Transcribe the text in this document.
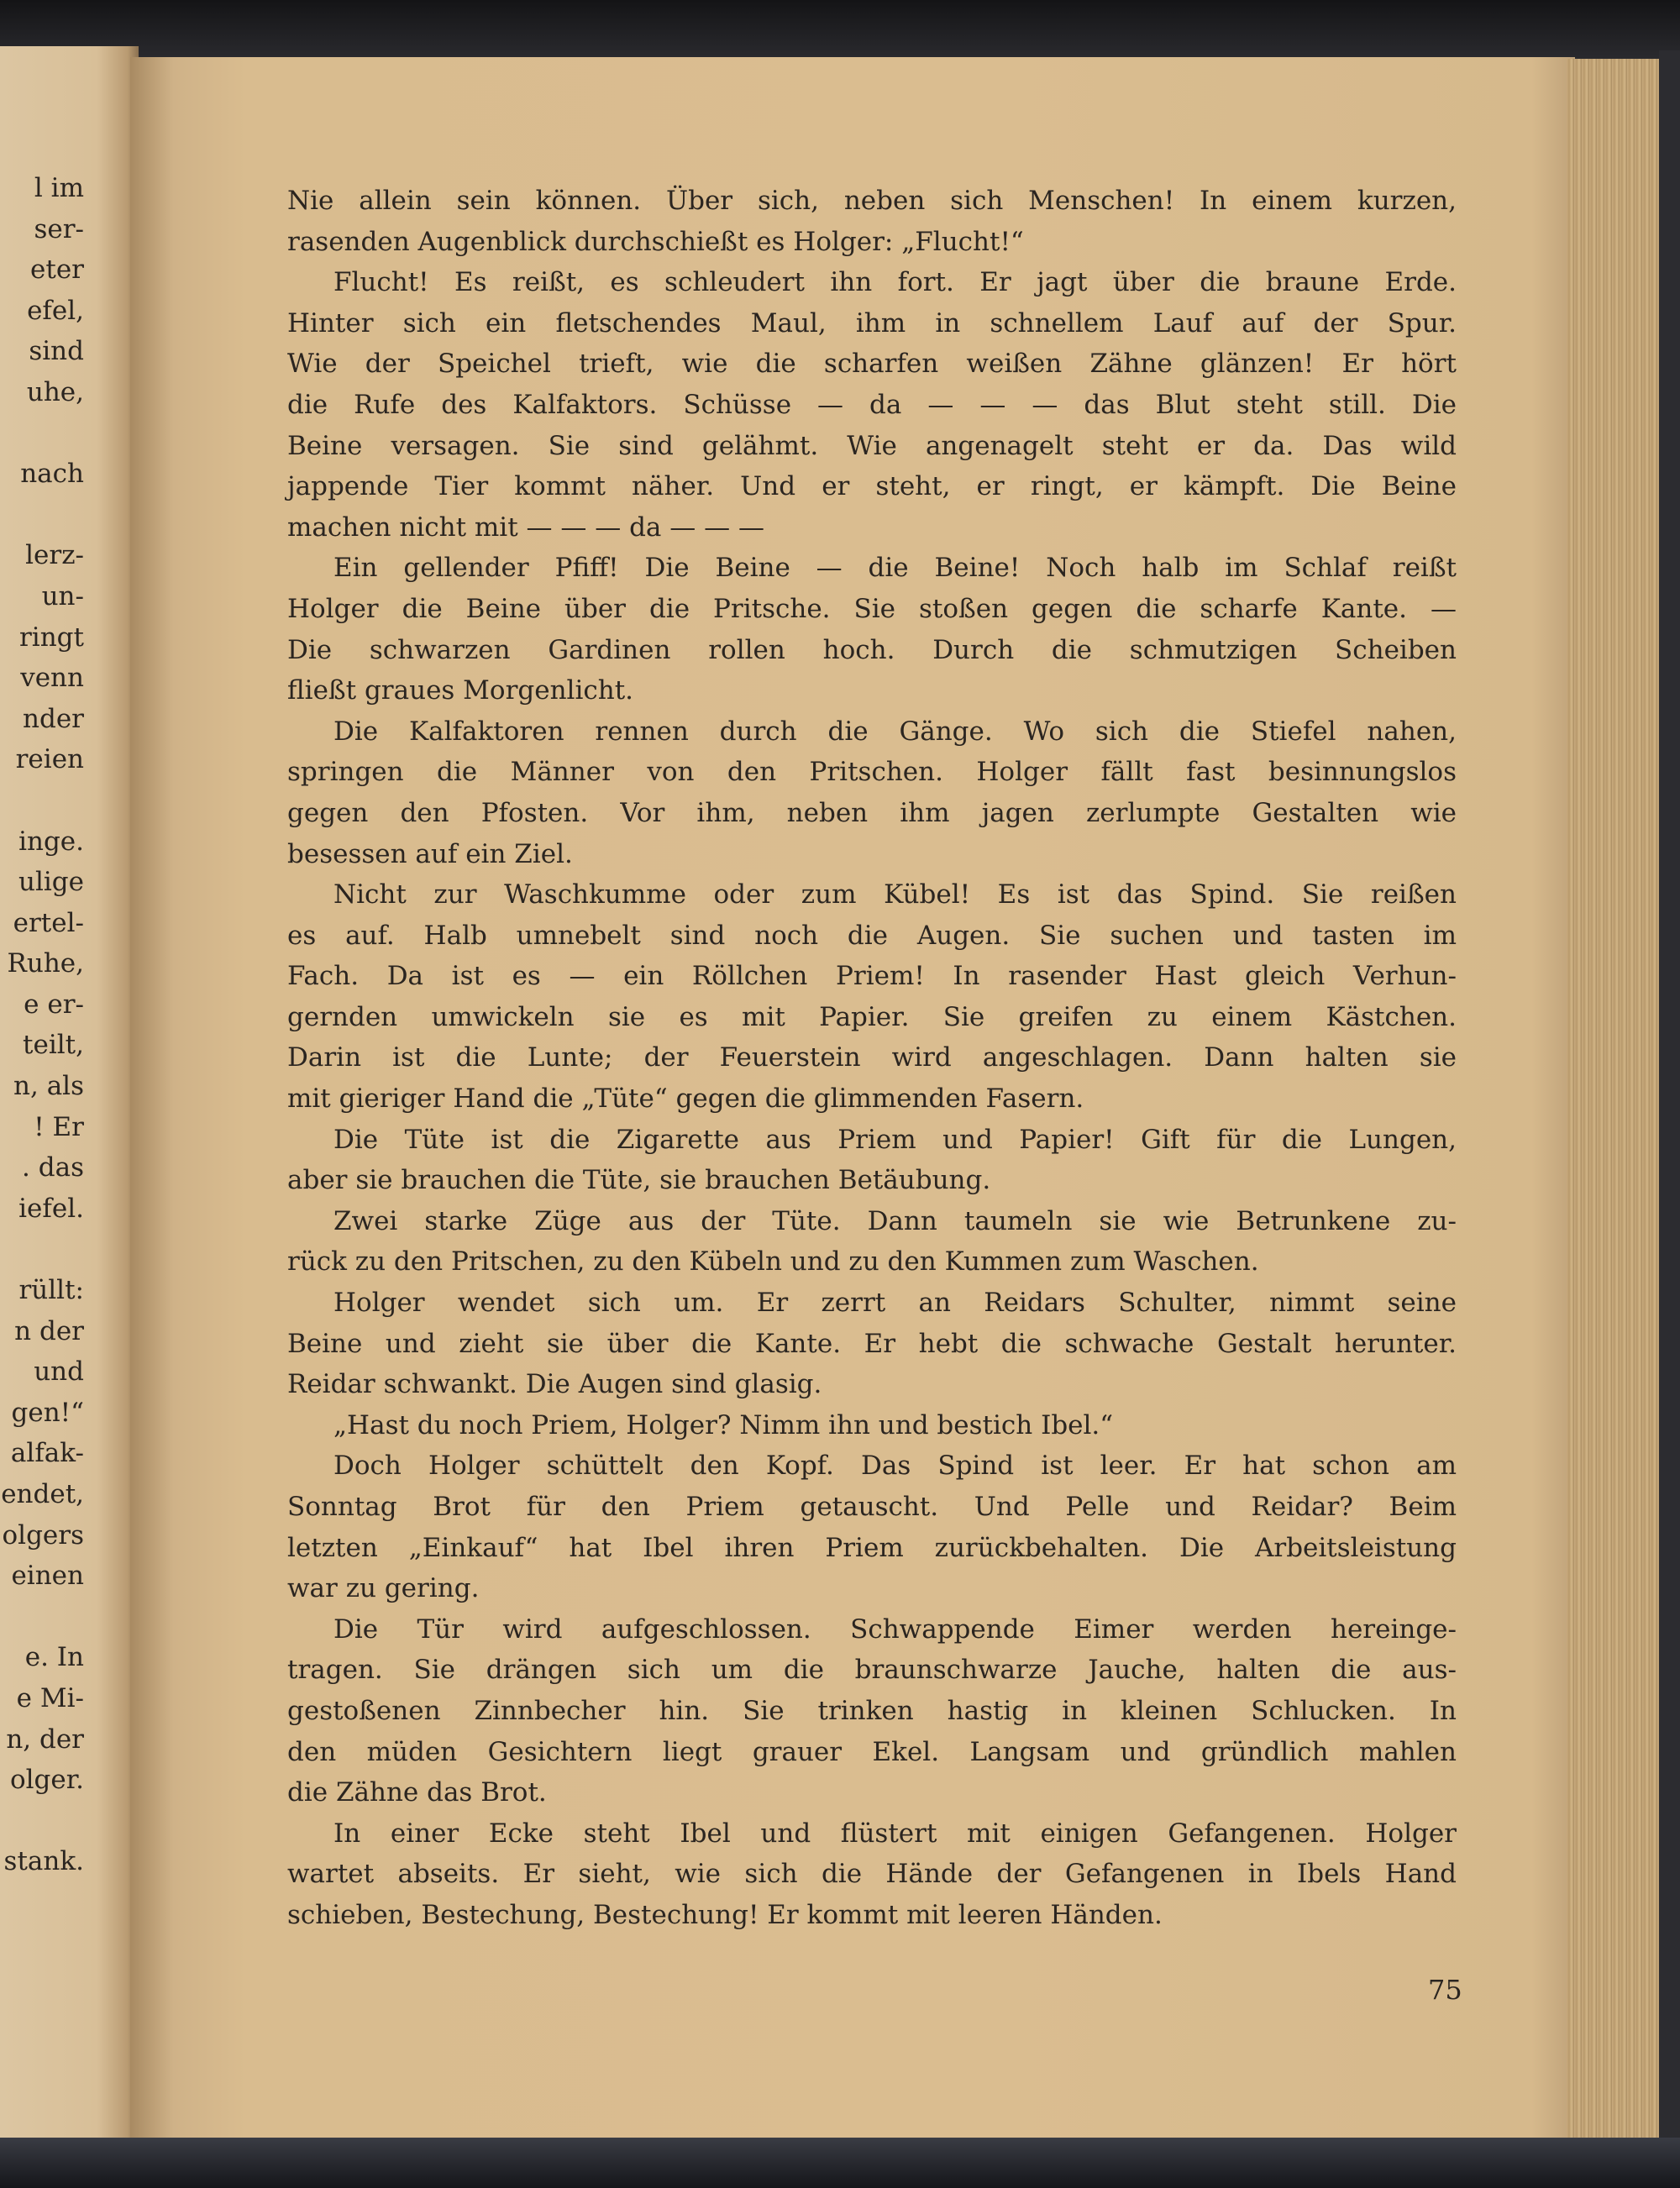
l im
ser-
eter
efel,
sind
uhe,
nach
lerz-
un-
ringt
venn
nder
reien
inge.
ulige
ertel-
Ruhe,
e er-
teilt,
n, als
! Er
. das
iefel.
rüllt:
n der
und
gen!“
alfak-
endet,
olgers
einen
e. In
e Mi-
n, der
olger.
stank.
Nie allein sein können. Über sich, neben sich Menschen! In einem kurzen,
rasenden Augenblick durchschießt es Holger: „Flucht!“
Flucht! Es reißt, es schleudert ihn fort. Er jagt über die braune Erde.
Hinter sich ein fletschendes Maul, ihm in schnellem Lauf auf der Spur.
Wie der Speichel trieft, wie die scharfen weißen Zähne glänzen! Er hört
die Rufe des Kalfaktors. Schüsse — da — — — das Blut steht still. Die
Beine versagen. Sie sind gelähmt. Wie angenagelt steht er da. Das wild
jappende Tier kommt näher. Und er steht, er ringt, er kämpft. Die Beine
machen nicht mit — — — da — — —
Ein gellender Pfiff! Die Beine — die Beine! Noch halb im Schlaf reißt
Holger die Beine über die Pritsche. Sie stoßen gegen die scharfe Kante. —
Die schwarzen Gardinen rollen hoch. Durch die schmutzigen Scheiben
fließt graues Morgenlicht.
Die Kalfaktoren rennen durch die Gänge. Wo sich die Stiefel nahen,
springen die Männer von den Pritschen. Holger fällt fast besinnungslos
gegen den Pfosten. Vor ihm, neben ihm jagen zerlumpte Gestalten wie
besessen auf ein Ziel.
Nicht zur Waschkumme oder zum Kübel! Es ist das Spind. Sie reißen
es auf. Halb umnebelt sind noch die Augen. Sie suchen und tasten im
Fach. Da ist es — ein Röllchen Priem! In rasender Hast gleich Verhun-
gernden umwickeln sie es mit Papier. Sie greifen zu einem Kästchen.
Darin ist die Lunte; der Feuerstein wird angeschlagen. Dann halten sie
mit gieriger Hand die „Tüte“ gegen die glimmenden Fasern.
Die Tüte ist die Zigarette aus Priem und Papier! Gift für die Lungen,
aber sie brauchen die Tüte, sie brauchen Betäubung.
Zwei starke Züge aus der Tüte. Dann taumeln sie wie Betrunkene zu-
rück zu den Pritschen, zu den Kübeln und zu den Kummen zum Waschen.
Holger wendet sich um. Er zerrt an Reidars Schulter, nimmt seine
Beine und zieht sie über die Kante. Er hebt die schwache Gestalt herunter.
Reidar schwankt. Die Augen sind glasig.
„Hast du noch Priem, Holger? Nimm ihn und bestich Ibel.“
Doch Holger schüttelt den Kopf. Das Spind ist leer. Er hat schon am
Sonntag Brot für den Priem getauscht. Und Pelle und Reidar? Beim
letzten „Einkauf“ hat Ibel ihren Priem zurückbehalten. Die Arbeitsleistung
war zu gering.
Die Tür wird aufgeschlossen. Schwappende Eimer werden hereinge-
tragen. Sie drängen sich um die braunschwarze Jauche, halten die aus-
gestoßenen Zinnbecher hin. Sie trinken hastig in kleinen Schlucken. In
den müden Gesichtern liegt grauer Ekel. Langsam und gründlich mahlen
die Zähne das Brot.
In einer Ecke steht Ibel und flüstert mit einigen Gefangenen. Holger
wartet abseits. Er sieht, wie sich die Hände der Gefangenen in Ibels Hand
schieben, Bestechung, Bestechung! Er kommt mit leeren Händen.
75
